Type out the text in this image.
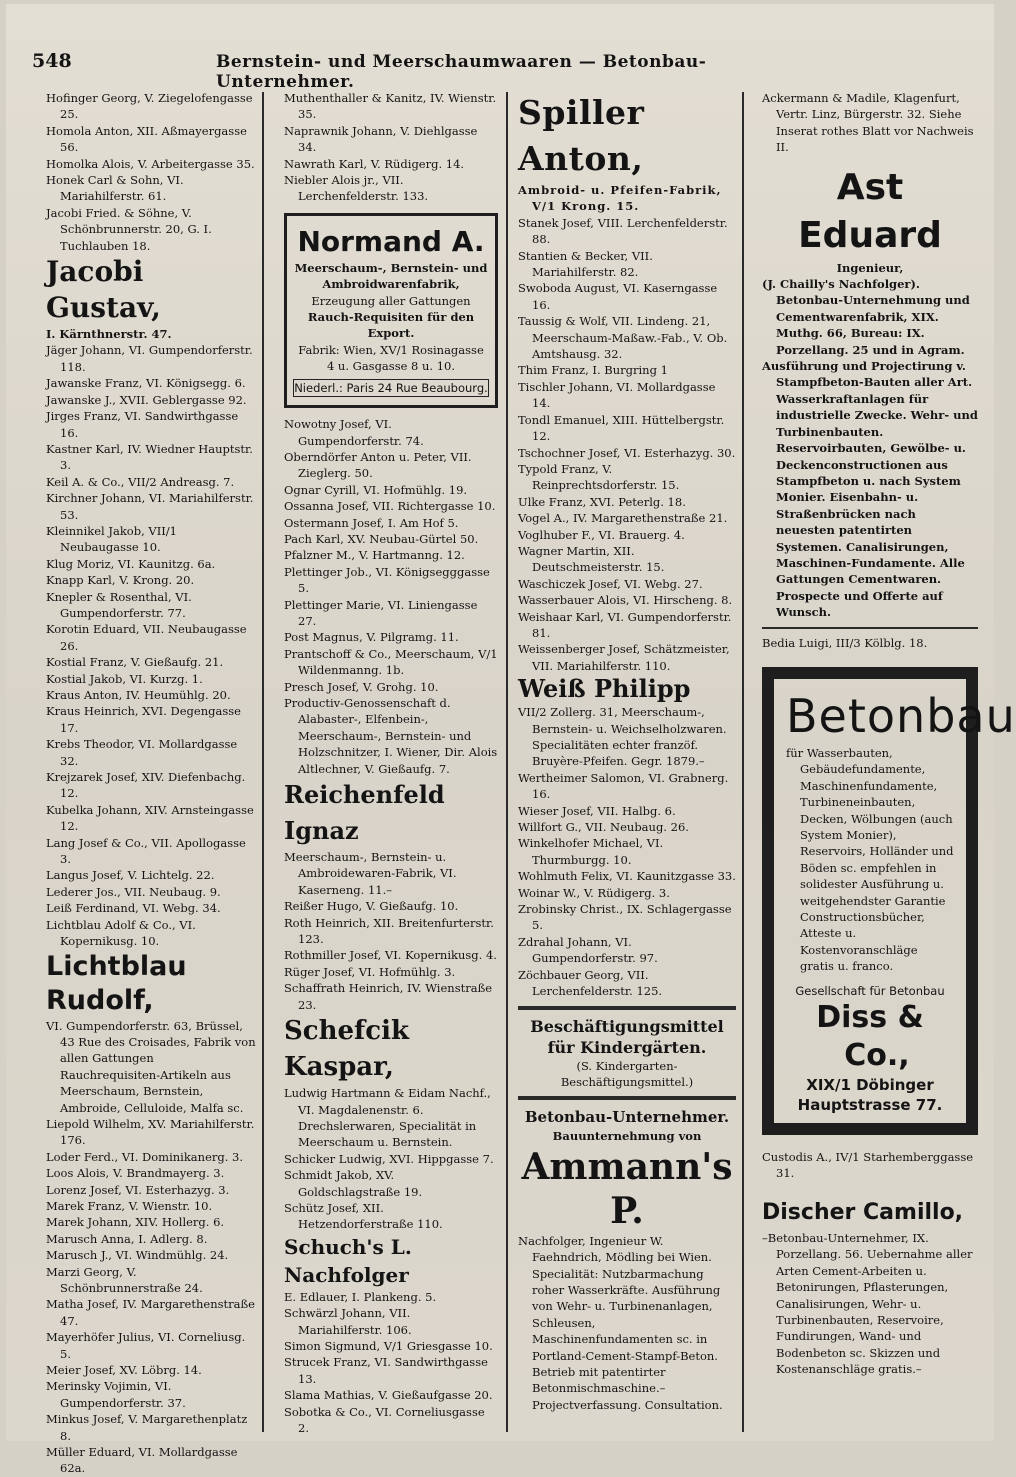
548	Bernstein- und Meerschaumwaaren — Betonbau-Unternehmer.

Hofinger Georg, V. Ziegelofengasse 25.

Homola Anton, XII. Aßmayergasse 56.

Homolka Alois, V. Arbeitergasse 35.

Honek Carl & Sohn, VI. Mariahilferstr. 61.

Jacobi Fried. & Söhne, V. Schönbrunnerstr. 20, G. I. Tuchlauben 18.

Jacobi Gustav,

I. Kärnthnerstr. 47.

Jäger Johann, VI. Gumpendorferstr. 118.

Jawanske Franz, VI. Königsegg. 6.

Jawanske J., XVII. Geblergasse 92.

Jirges Franz, VI. Sandwirthgasse 16.

Kastner Karl, IV. Wiedner Hauptstr. 3.

Keil A. & Co., VII/2 Andreasg. 7.

Kirchner Johann, VI. Mariahilferstr. 53.

Kleinnikel Jakob, VII/1 Neubaugasse 10.

Klug Moriz, VI. Kaunitzg. 6a.

Knapp Karl, V. Krong. 20.

Knepler & Rosenthal, VI. Gumpendorferstr. 77.

Korotin Eduard, VII. Neubaugasse 26.

Kostial Franz, V. Gießaufg. 21.

Kostial Jakob, VI. Kurzg. 1.

Kraus Anton, IV. Heumühlg. 20.

Kraus Heinrich, XVI. Degengasse 17.

Krebs Theodor, VI. Mollardgasse 32.

Krejzarek Josef, XIV. Diefenbachg. 12.

Kubelka Johann, XIV. Arnsteingasse 12.

Lang Josef & Co., VII. Apollogasse 3.

Langus Josef, V. Lichtelg. 22.

Lederer Jos., VII. Neubaug. 9.

Leiß Ferdinand, VI. Webg. 34.

Lichtblau Adolf & Co., VI. Kopernikusg. 10.

Lichtblau Rudolf,

VI. Gumpendorferstr. 63, Brüssel, 43 Rue des Croisades, Fabrik von allen Gattungen Rauchrequisiten-Artikeln aus Meerschaum, Bernstein, Ambroide, Celluloide, Malfa sc.

Liepold Wilhelm, XV. Mariahilferstr. 176.

Loder Ferd., VI. Dominikanerg. 3.

Loos Alois, V. Brandmayerg. 3.

Lorenz Josef, VI. Esterhazyg. 3.

Marek Franz, V. Wienstr. 10.

Marek Johann, XIV. Hollerg. 6.

Marusch Anna, I. Adlerg. 8.

Marusch J., VI. Windmühlg. 24.

Marzi Georg, V. Schönbrunnerstraße 24.

Matha Josef, IV. Margarethenstraße 47.

Mayerhöfer Julius, VI. Corneliusg. 5.

Meier Josef, XV. Löbrg. 14.

Merinsky Vojimin, VI. Gumpendorferstr. 37.

Minkus Josef, V. Margarethenplatz 8.

Müller Eduard, VI. Mollardgasse 62a.

Muthenthaller & Kanitz, IV. Wienstr. 35.

Naprawnik Johann, V. Diehlgasse 34.

Nawrath Karl, V. Rüdigerg. 14.

Niebler Alois jr., VII. Lerchenfelderstr. 133.

Normand A.

Meerschaum-, Bernstein- und Ambroidwarenfabrik,

Erzeugung aller Gattungen

Rauch-Requisiten für den Export.

Fabrik: Wien, XV/1 Rosinagasse 4 u. Gasgasse 8 u. 10.

Niederl.: Paris 24 Rue Beaubourg.

Nowotny Josef, VI. Gumpendorferstr. 74.

Oberndörfer Anton u. Peter, VII. Zieglerg. 50.

Ognar Cyrill, VI. Hofmühlg. 19.

Ossanna Josef, VII. Richtergasse 10.

Ostermann Josef, I. Am Hof 5.

Pach Karl, XV. Neubau-Gürtel 50.

Pfalzner M., V. Hartmanng. 12.

Plettinger Job., VI. Königsegggasse 5.

Plettinger Marie, VI. Liniengasse 27.

Post Magnus, V. Pilgramg. 11.

Prantschoff & Co., Meerschaum, V/1 Wildenmanng. 1b.

Presch Josef, V. Grohg. 10.

Productiv-Genossenschaft d. Alabaster-, Elfenbein-, Meerschaum-, Bernstein- und Holzschnitzer, I. Wiener, Dir. Alois Altlechner, V. Gießaufg. 7.

Reichenfeld Ignaz

Meerschaum-, Bernstein- u. Ambroidewaren-Fabrik, VI. Kaserneng. 11.–

Reißer Hugo, V. Gießaufg. 10.

Roth Heinrich, XII. Breitenfurterstr. 123.

Rothmiller Josef, VI. Kopernikusg. 4.

Rüger Josef, VI. Hofmühlg. 3.

Schaffrath Heinrich, IV. Wienstraße 23.

Schefcik Kaspar,

Ludwig Hartmann & Eidam Nachf., VI. Magdalenenstr. 6. Drechslerwaren, Specialität in Meerschaum u. Bernstein.

Schicker Ludwig, XVI. Hippgasse 7.

Schmidt Jakob, XV. Goldschlagstraße 19.

Schütz Josef, XII. Hetzendorferstraße 110.

Schuch's L. Nachfolger

E. Edlauer, I. Plankeng. 5.

Schwärzl Johann, VII. Mariahilferstr. 106.

Simon Sigmund, V/1 Griesgasse 10.

Strucek Franz, VI. Sandwirthgasse 13.

Slama Mathias, V. Gießaufgasse 20.

Sobotka & Co., VI. Corneliusgasse 2.

Spiller Anton,

Ambroid- u. Pfeifen-Fabrik, V/1 Krong. 15.

Stanek Josef, VIII. Lerchenfelderstr. 88.

Stantien & Becker, VII. Mariahilferstr. 82.

Swoboda August, VI. Kaserngasse 16.

Taussig & Wolf, VII. Lindeng. 21, Meerschaum-Maßaw.-Fab., V. Ob. Amtshausg. 32.

Thim Franz, I. Burgring 1

Tischler Johann, VI. Mollardgasse 14.

Tondl Emanuel, XIII. Hüttelbergstr. 12.

Tschochner Josef, VI. Esterhazyg. 30.

Typold Franz, V. Reinprechtsdorferstr. 15.

Ulke Franz, XVI. Peterlg. 18.

Vogel A., IV. Margarethenstraße 21.

Voglhuber F., VI. Brauerg. 4.

Wagner Martin, XII. Deutschmeisterstr. 15.

Waschiczek Josef, VI. Webg. 27.

Wasserbauer Alois, VI. Hirscheng. 8.

Weishaar Karl, VI. Gumpendorferstr. 81.

Weissenberger Josef, Schätzmeister, VII. Mariahilferstr. 110.

Weiß Philipp

VII/2 Zollerg. 31, Meerschaum-, Bernstein- u. Weichselholzwaren. Specialitäten echter franzöf. Bruyère-Pfeifen. Gegr. 1879.–

Wertheimer Salomon, VI. Grabnerg. 16.

Wieser Josef, VII. Halbg. 6.

Willfort G., VII. Neubaug. 26.

Winkelhofer Michael, VI. Thurmburgg. 10.

Wohlmuth Felix, VI. Kaunitzgasse 33.

Woinar W., V. Rüdigerg. 3.

Zrobinsky Christ., IX. Schlagergasse 5.

Zdrahal Johann, VI. Gumpendorferstr. 97.

Zöchbauer Georg, VII. Lerchenfelderstr. 125.

Beschäftigungsmittel für Kindergärten.

(S. Kindergarten-Beschäftigungsmittel.)

Betonbau-Unternehmer.

Bauunternehmung von

Ammann's P.

Nachfolger, Ingenieur W. Faehndrich, Mödling bei Wien. Specialität: Nutzbarmachung roher Wasserkräfte. Ausführung von Wehr- u. Turbinenanlagen, Schleusen, Maschinenfundamenten sc. in Portland-Cement-Stampf-Beton. Betrieb mit patentirter Betonmischmaschine.– Projectverfassung. Consultation.

Ackermann & Madile, Klagenfurt, Vertr. Linz, Bürgerstr. 32. Siehe Inserat rothes Blatt vor Nachweis II.

Ast Eduard

Ingenieur,

(J. Chailly's Nachfolger). Betonbau-Unternehmung und Cementwarenfabrik, XIX. Muthg. 66, Bureau: IX. Porzellang. 25 und in Agram.

Ausführung und Projectirung v. Stampfbeton-Bauten aller Art. Wasserkraftanlagen für industrielle Zwecke. Wehr- und Turbinenbauten. Reservoirbauten, Gewölbe- u. Deckenconstructionen aus Stampfbeton u. nach System Monier. Eisenbahn- u. Straßenbrücken nach neuesten patentirten Systemen. Canalisirungen, Maschinen-Fundamente. Alle Gattungen Cementwaren. Prospecte und Offerte auf Wunsch.

Bedia Luigi, III/3 Kölblg. 18.

Betonbau

für Wasserbauten, Gebäudefundamente, Maschinenfundamente, Turbineneinbauten, Decken, Wölbungen (auch System Monier), Reservoirs, Holländer und Böden sc. empfehlen in solidester Ausführung u. weitgehendster Garantie Constructionsbücher, Atteste u. Kostenvoranschläge gratis u. franco.

Gesellschaft für Betonbau

Diss & Co.,

XIX/1 Döbinger

Hauptstrasse 77.

Custodis A., IV/1 Starhemberggasse 31.

Discher Camillo,

–Betonbau-Unternehmer, IX. Porzellang. 56. Uebernahme aller Arten Cement-Arbeiten u. Betonirungen, Pflasterungen, Canalisirungen, Wehr- u. Turbinenbauten, Reservoire, Fundirungen, Wand- und Bodenbeton sc. Skizzen und Kostenanschläge gratis.–
